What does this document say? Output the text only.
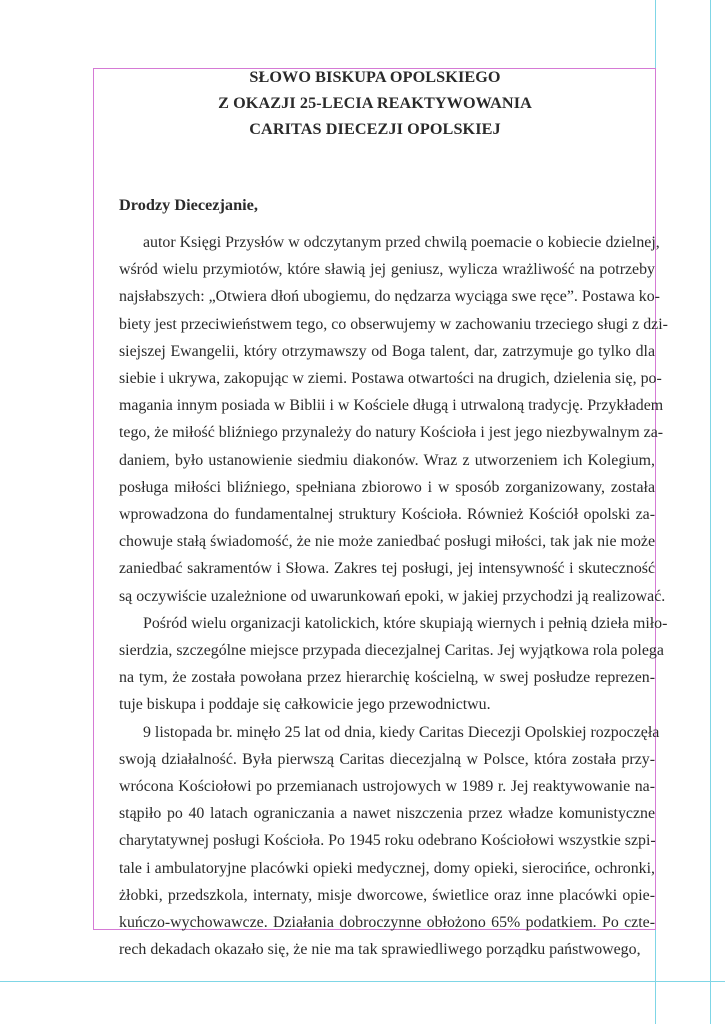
SŁOWO BISKUPA OPOLSKIEGO
Z OKAZJI 25-LECIA REAKTYWOWANIA
CARITAS DIECEZJI OPOLSKIEJ
Drodzy Diecezjanie,
autor Księgi Przysłów w odczytanym przed chwilą poemacie o kobiecie dzielnej,
wśród wielu przymiotów, które sławią jej geniusz, wylicza wrażliwość na potrzeby
najsłabszych: „Otwiera dłoń ubogiemu, do nędzarza wyciąga swe ręce”. Postawa ko-
biety jest przeciwieństwem tego, co obserwujemy w zachowaniu trzeciego sługi z dzi-
siejszej Ewangelii, który otrzymawszy od Boga talent, dar, zatrzymuje go tylko dla
siebie i ukrywa, zakopując w ziemi. Postawa otwartości na drugich, dzielenia się, po-
magania innym posiada w Biblii i w Kościele długą i utrwaloną tradycję. Przykładem
tego, że miłość bliźniego przynależy do natury Kościoła i jest jego niezbywalnym za-
daniem, było ustanowienie siedmiu diakonów. Wraz z utworzeniem ich Kolegium,
posługa miłości bliźniego, spełniana zbiorowo i w sposób zorganizowany, została
wprowadzona do fundamentalnej struktury Kościoła. Również Kościół opolski za-
chowuje stałą świadomość, że nie może zaniedbać posługi miłości, tak jak nie może
zaniedbać sakramentów i Słowa. Zakres tej posługi, jej intensywność i skuteczność
są oczywiście uzależnione od uwarunkowań epoki, w jakiej przychodzi ją realizować.
Pośród wielu organizacji katolickich, które skupiają wiernych i pełnią dzieła miło-
sierdzia, szczególne miejsce przypada diecezjalnej Caritas. Jej wyjątkowa rola polega
na tym, że została powołana przez hierarchię kościelną, w swej posłudze reprezen-
tuje biskupa i poddaje się całkowicie jego przewodnictwu.
9 listopada br. minęło 25 lat od dnia, kiedy Caritas Diecezji Opolskiej rozpoczęła
swoją działalność. Była pierwszą Caritas diecezjalną w Polsce, która została przy-
wrócona Kościołowi po przemianach ustrojowych w 1989 r. Jej reaktywowanie na-
stąpiło po 40 latach ograniczania a nawet niszczenia przez władze komunistyczne
charytatywnej posługi Kościoła. Po 1945 roku odebrano Kościołowi wszystkie szpi-
tale i ambulatoryjne placówki opieki medycznej, domy opieki, sierocińce, ochronki,
żłobki, przedszkola, internaty, misje dworcowe, świetlice oraz inne placówki opie-
kuńczo-wychowawcze. Działania dobroczynne obłożono 65% podatkiem. Po czte-
rech dekadach okazało się, że nie ma tak sprawiedliwego porządku państwowego,
